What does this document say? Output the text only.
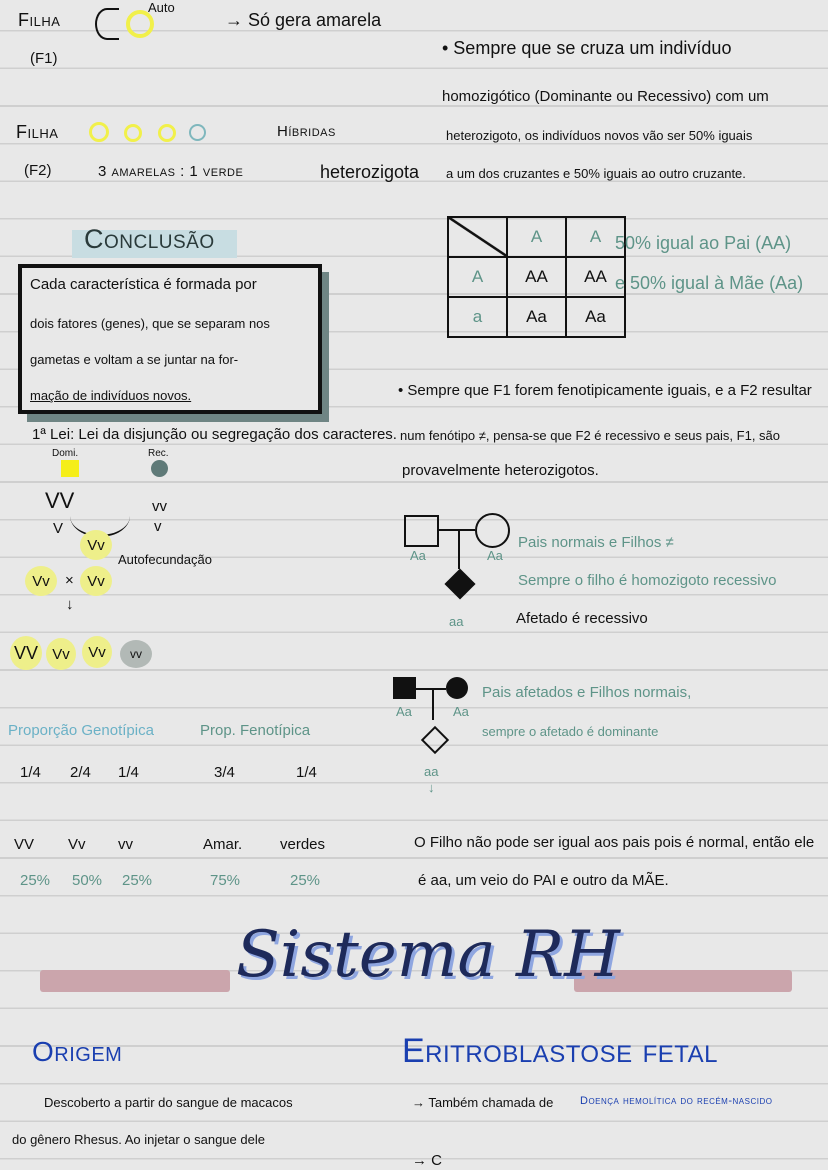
Filha
(F1)
Auto
→ Só gera amarela
Filha
(F2)	3 amarelas : 1 verde
Híbridas
heterozigota
• Sempre que se cruza um indivíduo
homozigótico (Dominante ou Recessivo) com um
heterozigoto, os indivíduos novos vão ser 50% iguais
a um dos cruzantes e 50% iguais ao outro cruzante.
	A	A
A	AA	AA
a	Aa	Aa
50% igual ao Pai (AA)
e 50% igual à Mãe (Aa)
Conclusão
Cada característica é formada por
dois fatores (genes), que se separam nos
gametas e voltam a se juntar na for-
mação de indivíduos novos.
1ª Lei: Lei da disjunção ou segregação dos caracteres.
Domi.	Rec.
VV	vv
V	v
Vv
Autofecundação
Vv	× Vv
↓
VV Vv	Vv	vv
Proporção Genotípica	Prop. Fenotípica
1/4 2/4 1/4	3/4	1/4
VV Vv vv	Amar.	verdes
25% 50% 25%	75%	25%
• Sempre que F1 forem fenotipicamente iguais, e a F2 resultar
num fenótipo ≠, pensa-se que F2 é recessivo e seus pais, F1, são
provavelmente heterozigotos.
Aa	Aa
aa
Pais normais e Filhos ≠
Sempre o filho é homozigoto recessivo
Afetado é recessivo
Aa	Aa
aa
↓
Pais afetados e Filhos normais,
sempre o afetado é dominante
O Filho não pode ser igual aos pais pois é normal, então ele
é aa, um veio do PAI e outro da MÃE.
Sistema RH
Origem
Descoberto a partir do sangue de macacos
do gênero Rhesus. Ao injetar o sangue dele
Eritroblastose fetal
→ Também chamada de Doença hemolítica do recém-nascido
→ C
